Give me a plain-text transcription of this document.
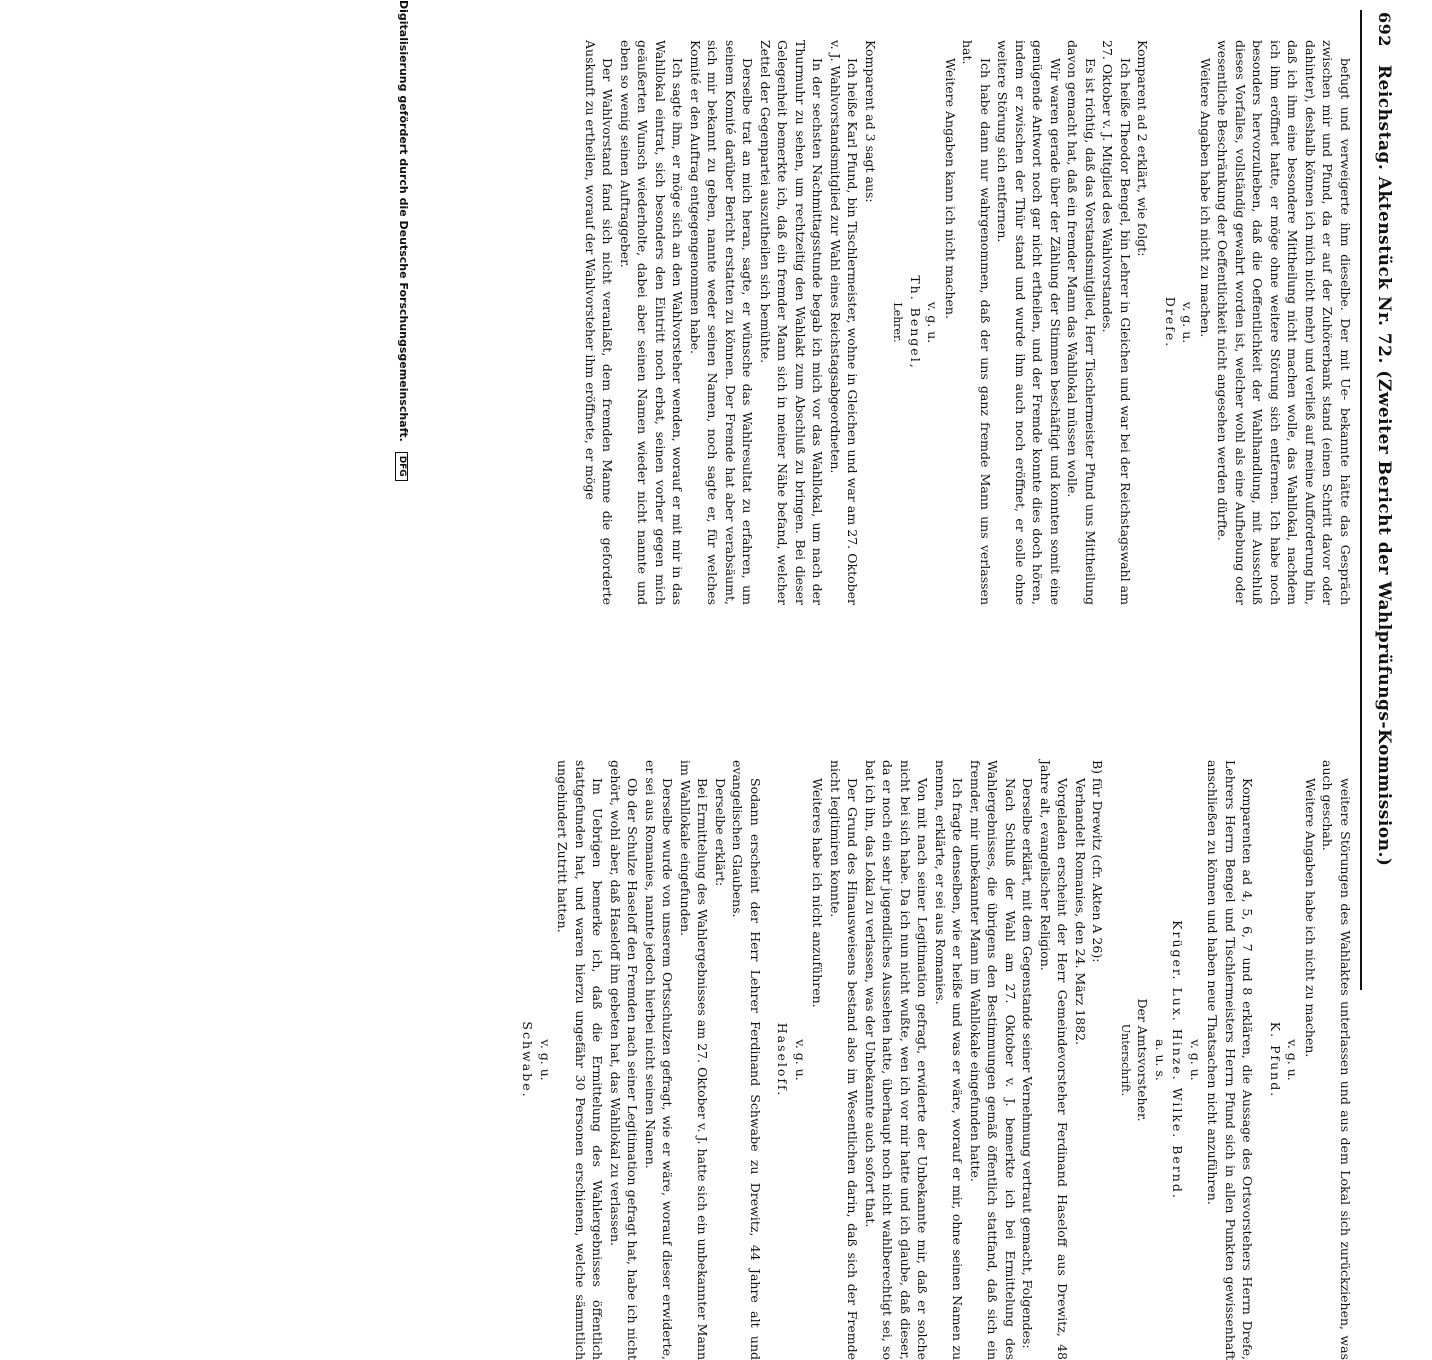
692
Reichstag. Aktenstück Nr. 72. (Zweiter Bericht der Wahlprüfungs-Kommission.)

befugt und verweigerte ihm dieselbe. Der mit Ue- bekannte hätte das Gespräch zwischen mir und Pfund, da er auf der Zuhörerbank stand (einen Schritt davor oder dahinter), deshalb können ich mich nicht mehr) und verließ auf meine Aufforderung hin, daß ich ihm eine besondere Mittheilung nicht machen wolle, das Wahllokal, nachdem ich ihm eröffnet hatte, er möge ohne weitere Störung sich entfernen. Ich habe noch besonders hervorzuheben, daß die Oeffentlichkeit der Wahlhandlung, mit Ausschluß dieses Vorfalles, vollständig gewahrt worden ist, welcher wohl als eine Aufhebung oder wesentliche Beschränkung der Oeffentlichkeit nicht angesehen werden dürfte.

Weitere Angaben habe ich nicht zu machen.

v. g. u.

Drefe.

Komparent ad 2 erklärt, wie folgt:

Ich heiße Theodor Bengel, bin Lehrer in Gleichen und war bei der Reichstagswahl am 27. Oktober v. J. Mitglied des Wahlvorstandes.

Es ist richtig, daß das Vorstandsmitglied, Herr Tischlermeister Pfund uns Mittheilung davon gemacht hat, daß ein fremder Mann das Wahllokal müssen wolle.

Wir waren gerade über der Zählung der Stimmen beschäftigt und konnten somit eine genügende Antwort noch gar nicht ertheilen, und der Fremde konnte dies doch hören, indem er zwischen der Thür stand und wurde ihm auch noch eröffnet, er solle ohne weitere Störung sich entfernen.

Ich habe dann nur wahrgenommen, daß der uns ganz fremde Mann uns verlassen hat.

Weitere Angaben kann ich nicht machen.

v. g. u.

Th. Bengel,

Lehrer.

Komparent ad 3 sagt aus:

Ich heiße Karl Pfund, bin Tischlermeister, wohne in Gleichen und war am 27. Oktober v. J. Wahlvorstandsmitglied zur Wahl eines Reichstagsabgeordneten.

In der sechsten Nachmittagsstunde begab ich mich vor das Wahllokal, um nach der Thurmuhr zu sehen, um rechtzeitig den Wahlakt zum Abschluß zu bringen. Bei dieser Gelegenheit bemerkte ich, daß ein fremder Mann sich in meiner Nähe befand, welcher Zettel der Gegenpartei auszutheilen sich bemühte.

Derselbe trat an mich heran, sagte, er wünsche das Wahlresultat zu erfahren, um seinem Komité darüber Bericht erstatten zu können. Der Fremde hat aber verabsäumt, sich mir bekannt zu geben, nannte weder seinen Namen, noch sagte er, für welches Komité er den Auftrag entgegengenommen habe.

Ich sagte ihm, er möge sich an den Wahlvorsteher wenden, worauf er mit mir in das Wahllokal eintrat, sich besonders den Eintritt noch erbat, seinen vorher gegen mich geäußerten Wunsch wiederholte, dabei aber seinen Namen wieder nicht nannte und eben so wenig seinen Auftraggeber.

Der Wahlvorstand fand sich nicht veranlaßt, dem fremden Manne die geforderte Auskunft zu ertheilen, worauf der Wahlvorsteher ihm eröffnete, er möge

weitere Störungen des Wahlaktes unterlassen und aus dem Lokal sich zurückziehen, was auch geschah.

Weitere Angaben habe ich nicht zu machen.

v. g. u.

K. Pfund.

Komparenten ad 4, 5, 6, 7 und 8 erklären, die Aussage des Ortsvorstehers Herrn Drefe, Lehrers Herrn Bengel und Tischlermeisters Herrn Pfund sich in allen Punkten gewissenhaft anschließen zu können und haben neue Thatsachen nicht anzuführen.

v. g. u.

Krüger. Lux. Hinze. Wilke. Bernd.

a. u. s.

Der Amtsvorsteher.

Unterschrift.

B) für Drewitz (cfr. Akten A 26):

Verhandelt Romanies, den 24. März 1882.

Vorgeladen erscheint der Herr Gemeindevorsteher Ferdinand Haseloff aus Drewitz, 48 Jahre alt, evangelischer Religion.

Derselbe erklärt, mit dem Gegenstande seiner Vernehmung vertraut gemacht, Folgendes:

Nach Schluß der Wahl am 27. Oktober v. J. bemerkte ich bei Ermittelung des Wahlergebnisses, die übrigens den Bestimmungen gemäß öffentlich stattfand, daß sich ein fremder, mir unbekannter Mann im Wahllokale eingefunden hatte.

Ich fragte denselben, wie er heiße und was er wäre, worauf er mir, ohne seinen Namen zu nennen, erklärte, er sei aus Romanies.

Von mit nach seiner Legitimation gefragt, erwiderte der Unbekannte mir, daß er solche nicht bei sich habe. Da ich nun nicht wußte, wen ich vor mir hatte und ich glaube, daß dieser, da er noch ein sehr jugendliches Aussehen hatte, überhaupt noch nicht wahlberechtigt sei, so bat ich ihn, das Lokal zu verlassen, was der Unbekannte auch sofort that.

Der Grund des Hinausweisens bestand also im Wesentlichen darin, daß sich der Fremde nicht legitimiren konnte.

Weiteres habe ich nicht anzuführen.

v. g. u.

Haseloff.

Sodann erscheint der Herr Lehrer Ferdinand Schwabe zu Drewitz, 44 Jahre alt und evangelischen Glaubens.

Derselbe erklärt:

Bei Ermittelung des Wahlergebnisses am 27. Oktober v. J. hatte sich ein unbekannter Mann im Wahllokale eingefunden.

Derselbe wurde von unserem Ortsschulzen gefragt, wie er wäre, worauf dieser erwiderte, er sei aus Romanies, nannte jedoch hierbei nicht seinen Namen.

Ob der Schulze Haseloff den Fremden nach seiner Legitimation gefragt hat, habe ich nicht gehört, wohl aber, daß Haseloff ihn gebeten hat, das Wahllokal zu verlassen.

Im Uebrigen bemerke ich, daß die Ermittelung des Wahlergebnisses öffentlich stattgefunden hat, und waren hierzu ungefähr 30 Personen erschienen, welche sämmtlich ungehindert Zutritt hatten.

v. g. u.

Schwabe.

Digitalisierung gefördert durch die Deutsche Forschungsgemeinschaft. DFG
